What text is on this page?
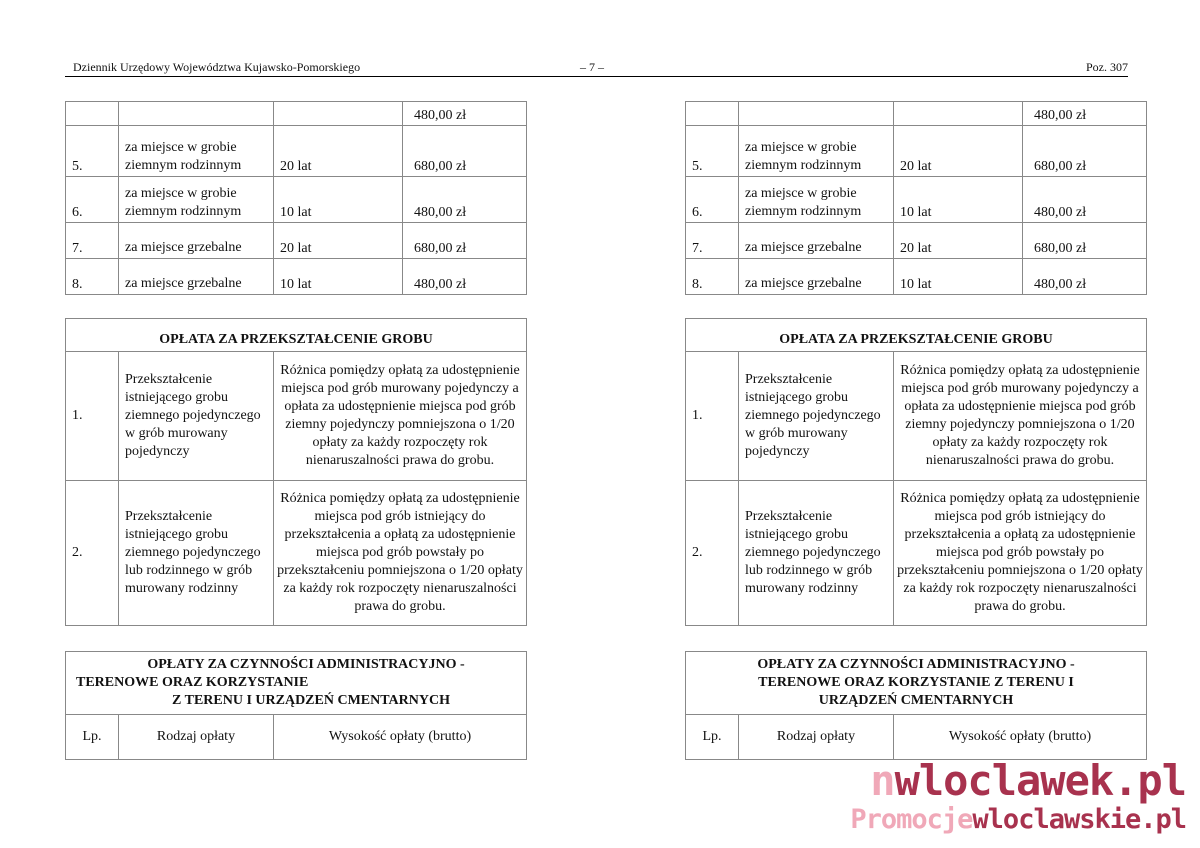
Dziennik Urzędowy Województwa Kujawsko-Pomorskiego	– 7 –	Poz. 307
			480,00 zł
5.	za miejsce w grobie ziemnym rodzinnym	20 lat	680,00 zł
6.	za miejsce w grobie ziemnym rodzinnym	10 lat	480,00 zł
7.	za miejsce grzebalne	20 lat	680,00 zł
8.	za miejsce grzebalne	10 lat	480,00 zł
OPŁATA ZA PRZEKSZTAŁCENIE GROBU		
1.	Przekształcenie istniejącego grobu ziemnego pojedynczego w grób murowany pojedynczy	Różnica pomiędzy opłatą za udostępnienie miejsca pod grób murowany pojedynczy a opłata za udostępnienie miejsca pod grób ziemny pojedynczy pomniejszona o 1/20 opłaty za każdy rozpoczęty rok nienaruszalności prawa do grobu.
2.	Przekształcenie istniejącego grobu ziemnego pojedynczego lub rodzinnego w grób murowany rodzinny	Różnica pomiędzy opłatą za udostępnienie miejsca pod grób istniejący do przekształcenia a opłatą za udostępnienie miejsca pod grób powstały po przekształceniu pomniejszona o 1/20 opłaty za każdy rok rozpoczęty nienaruszalności prawa do grobu.
OPŁATY ZA CZYNNOŚCI ADMINISTRACYJNO -
TERENOWE ORAZ KORZYSTANIE
Z TERENU I URZĄDZEŃ CMENTARNYCH

Lp.	Rodzaj opłaty	Wysokość opłaty (brutto)
			480,00 zł
5.	za miejsce w grobie ziemnym rodzinnym	20 lat	680,00 zł
6.	za miejsce w grobie ziemnym rodzinnym	10 lat	480,00 zł
7.	za miejsce grzebalne	20 lat	680,00 zł
8.	za miejsce grzebalne	10 lat	480,00 zł
OPŁATA ZA PRZEKSZTAŁCENIE GROBU		
1.	Przekształcenie istniejącego grobu ziemnego pojedynczego w grób murowany pojedynczy	Różnica pomiędzy opłatą za udostępnienie miejsca pod grób murowany pojedynczy a opłata za udostępnienie miejsca pod grób ziemny pojedynczy pomniejszona o 1/20 opłaty za każdy rozpoczęty rok nienaruszalności prawa do grobu.
2.	Przekształcenie istniejącego grobu ziemnego pojedynczego lub rodzinnego w grób murowany rodzinny	Różnica pomiędzy opłatą za udostępnienie miejsca pod grób istniejący do przekształcenia a opłatą za udostępnienie miejsca pod grób powstały po przekształceniu pomniejszona o 1/20 opłaty za każdy rok rozpoczęty nienaruszalności prawa do grobu.
OPŁATY ZA CZYNNOŚCI ADMINISTRACYJNO -
TERENOWE ORAZ KORZYSTANIE Z TERENU I
URZĄDZEŃ CMENTARNYCH

Lp.	Rodzaj opłaty	Wysokość opłaty (brutto)
nwloclawek.pl
Promocjewloclawskie.pl
